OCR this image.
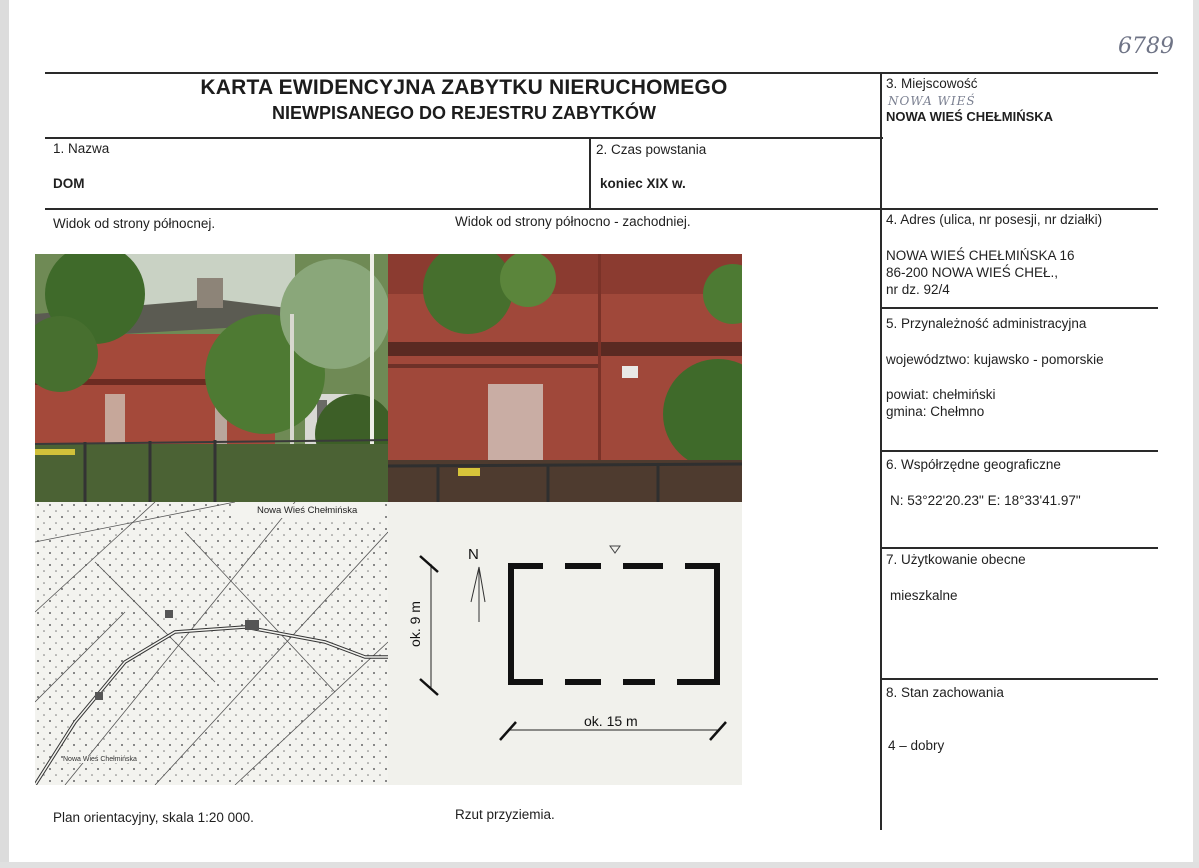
6789
KARTA EWIDENCYJNA ZABYTKU NIERUCHOMEGO
NIEWPISANEGO DO REJESTRU ZABYTKÓW
1. Nazwa
DOM
2. Czas powstania
koniec XIX w.
3. Miejscowość
NOWA WIEŚ
NOWA WIEŚ CHEŁMIŃSKA
4. Adres (ulica, nr posesji, nr działki)
NOWA WIEŚ CHEŁMIŃSKA 16
86-200 NOWA WIEŚ CHEŁ.,
nr dz. 92/4
5. Przynależność administracyjna
województwo: kujawsko - pomorskie
powiat: chełmiński
gmina: Chełmno
6. Współrzędne geograficzne
N: 53°22'20.23" E: 18°33'41.97"
7. Użytkowanie obecne
mieszkalne
8. Stan zachowania
4 – dobry
Widok od strony północnej.	Widok od strony północno - zachodniej.
Nowa Wieś Chełmińska
Nowa Wieś Chełmińska
N
ok. 9 m
ok. 15 m
Plan orientacyjny, skala 1:20 000.	Rzut przyziemia.
